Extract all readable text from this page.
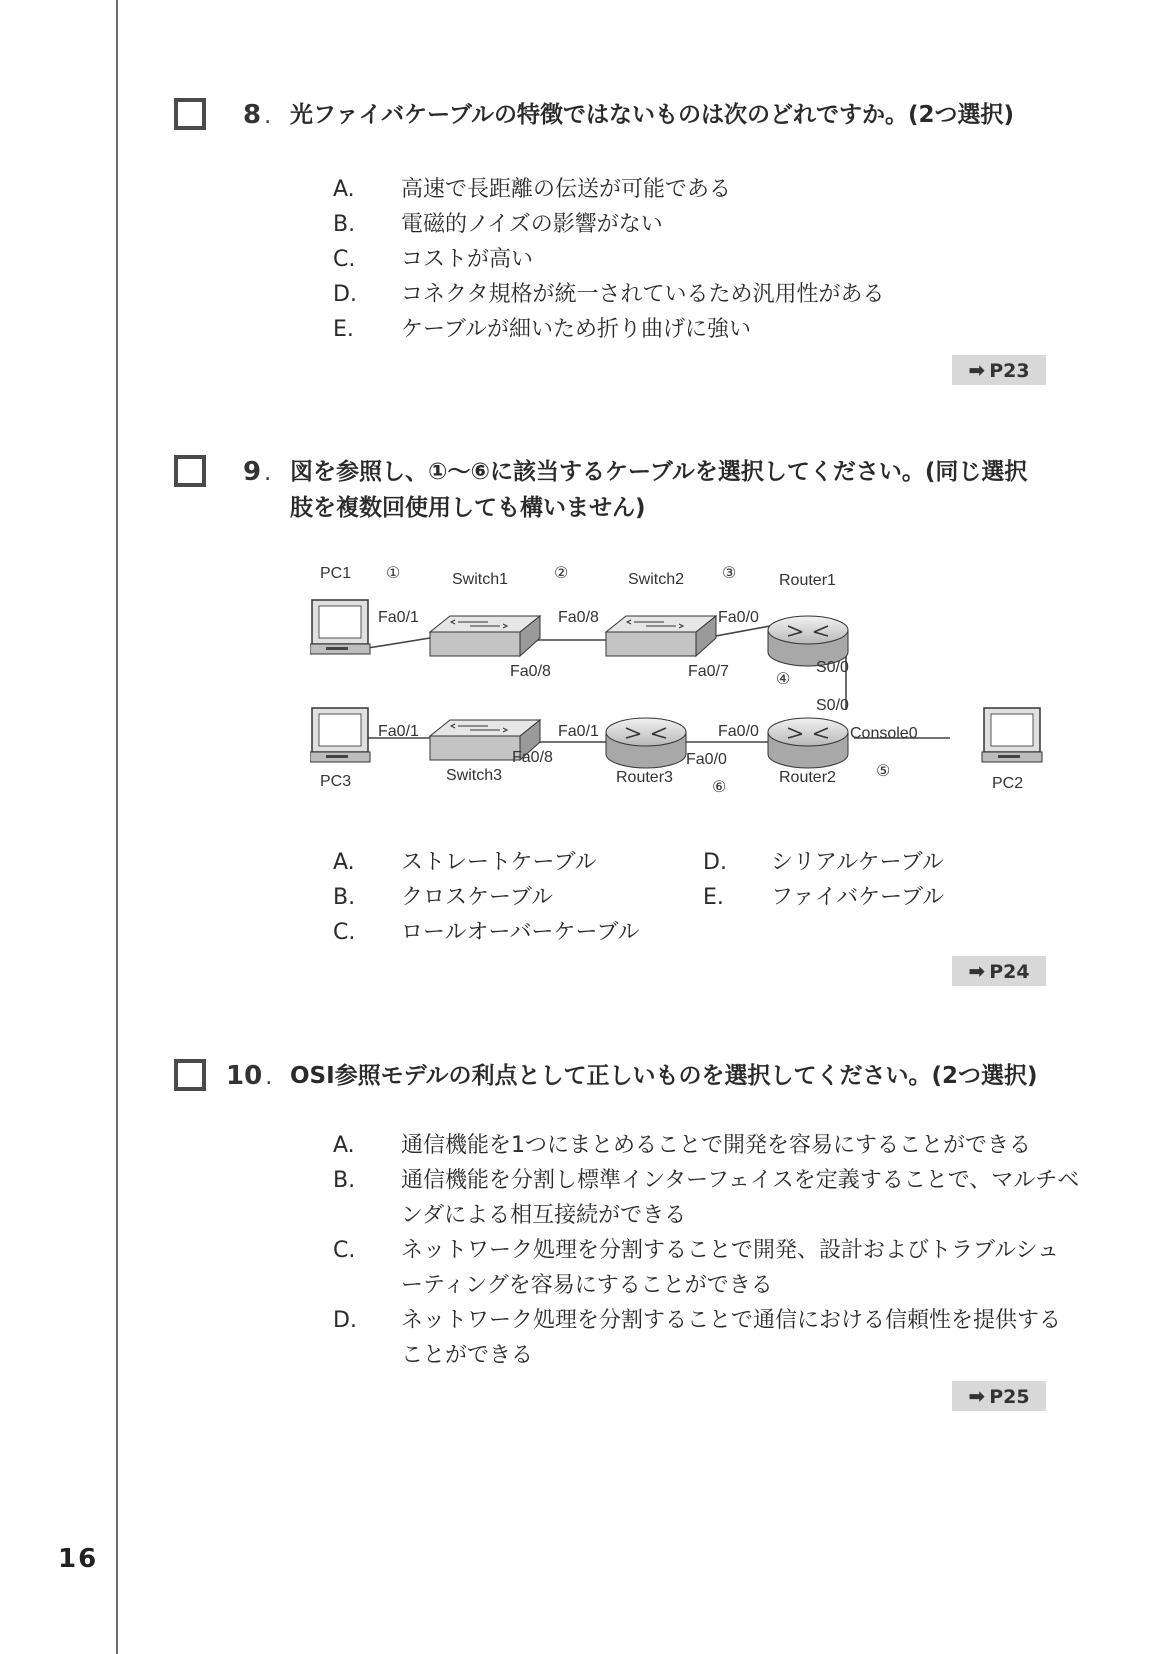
8 . 光ファイバケーブルの特徴ではないものは次のどれですか。(2つ選択)
A.	高速で長距離の伝送が可能である
B.	電磁的ノイズの影響がない
C.	コストが高い
D.	コネクタ規格が統一されているため汎用性がある
E.	ケーブルが細いため折り曲げに強い
➡ P23
9 . 図を参照し、①〜⑥に該当するケーブルを選択してください。(同じ選択肢を複数回使用しても構いません)
PC1	Switch1	Switch2	Router1
PC3	Switch3	Router3	Router2	PC2
Fa0/1
Fa0/8
Fa0/8
Fa0/7
Fa0/0
S0/0
S0/0
Fa0/0	Console0
Fa0/1
Fa0/8
Fa0/1
Fa0/0
①	②	③
④
⑤
⑥
A.	ストレートケーブル
B.	クロスケーブル
C.	ロールオーバーケーブル
D.	シリアルケーブル
E.	ファイバケーブル
➡ P24
10 . OSI参照モデルの利点として正しいものを選択してください。(2つ選択)
A.	通信機能を1つにまとめることで開発を容易にすることができる
B.	通信機能を分割し標準インターフェイスを定義することで、マルチベンダによる相互接続ができる
C.	ネットワーク処理を分割することで開発、設計およびトラブルシューティングを容易にすることができる
D.	ネットワーク処理を分割することで通信における信頼性を提供することができる
➡ P25
16
